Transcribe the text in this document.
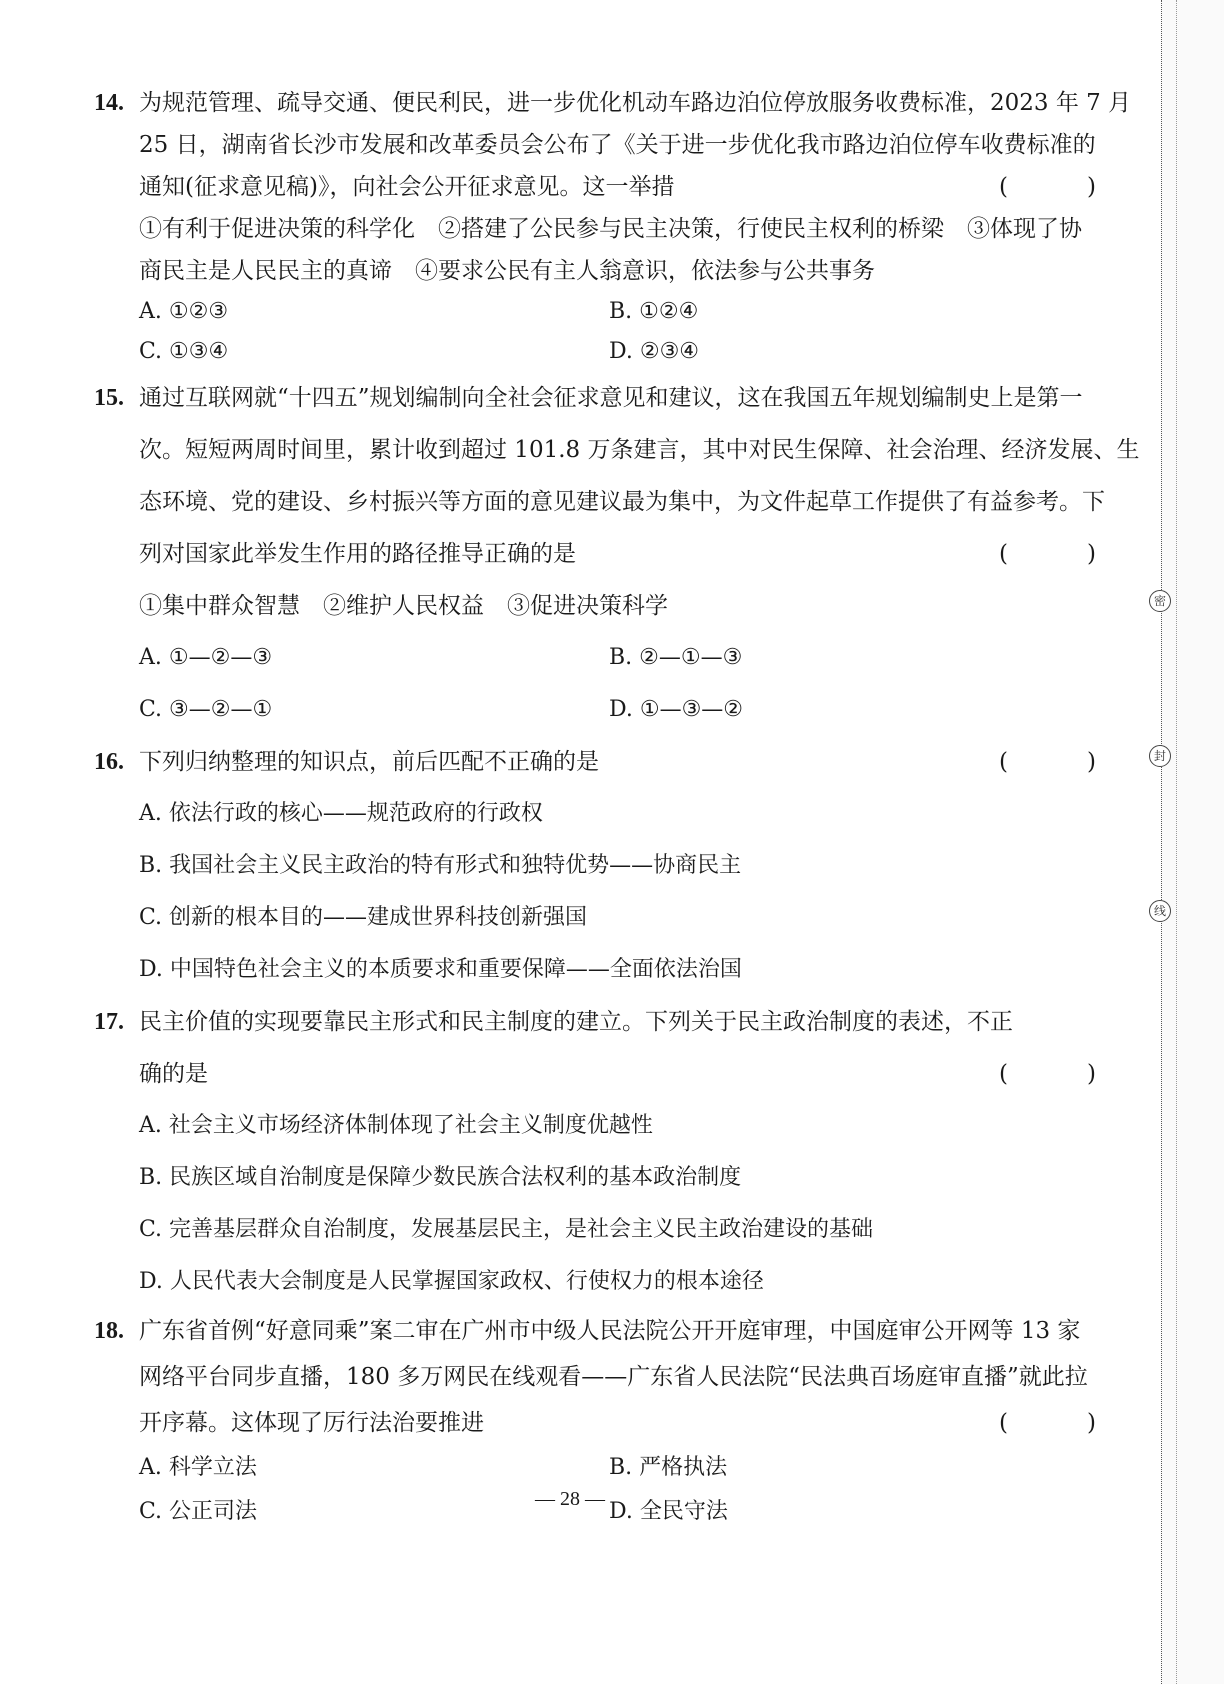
密
封
线
14. 为规范管理、疏导交通、便民利民，进一步优化机动车路边泊位停放服务收费标准，2023 年 7 月
25 日，湖南省长沙市发展和改革委员会公布了《关于进一步优化我市路边泊位停车收费标准的
通知(征求意见稿)》，向社会公开征求意见。这一举措	(　)
①有利于促进决策的科学化　②搭建了公民参与民主决策，行使民主权利的桥梁　③体现了协
商民主是人民民主的真谛　④要求公民有主人翁意识，依法参与公共事务
A. ①②③	B. ①②④
C. ①③④	D. ②③④
15. 通过互联网就“十四五”规划编制向全社会征求意见和建议，这在我国五年规划编制史上是第一
次。短短两周时间里，累计收到超过 101.8 万条建言，其中对民生保障、社会治理、经济发展、生
态环境、党的建设、乡村振兴等方面的意见建议最为集中，为文件起草工作提供了有益参考。下
列对国家此举发生作用的路径推导正确的是	(　)
①集中群众智慧　②维护人民权益　③促进决策科学
A. ①—②—③	B. ②—①—③
C. ③—②—①	D. ①—③—②
16. 下列归纳整理的知识点，前后匹配不正确的是	(　)
A. 依法行政的核心——规范政府的行政权
B. 我国社会主义民主政治的特有形式和独特优势——协商民主
C. 创新的根本目的——建成世界科技创新强国
D. 中国特色社会主义的本质要求和重要保障——全面依法治国
17. 民主价值的实现要靠民主形式和民主制度的建立。下列关于民主政治制度的表述，不正
确的是	(　)
A. 社会主义市场经济体制体现了社会主义制度优越性
B. 民族区域自治制度是保障少数民族合法权利的基本政治制度
C. 完善基层群众自治制度，发展基层民主，是社会主义民主政治建设的基础
D. 人民代表大会制度是人民掌握国家政权、行使权力的根本途径
18. 广东省首例“好意同乘”案二审在广州市中级人民法院公开开庭审理，中国庭审公开网等 13 家
网络平台同步直播，180 多万网民在线观看——广东省人民法院“民法典百场庭审直播”就此拉
开序幕。这体现了厉行法治要推进	(　)
A. 科学立法	B. 严格执法
C. 公正司法	D. 全民守法
— 28 —
